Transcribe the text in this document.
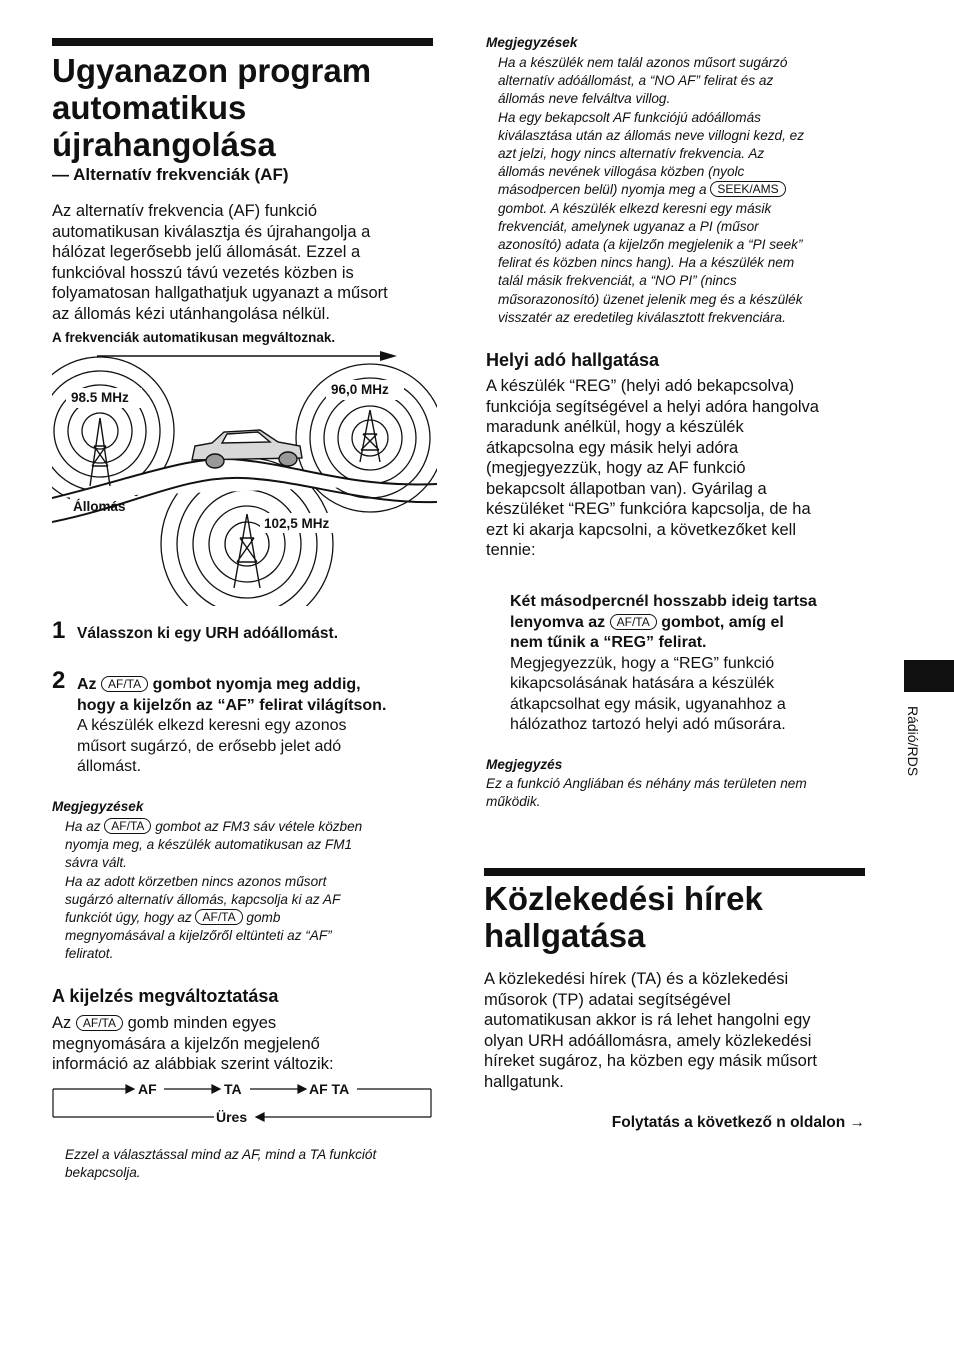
Ugyanazon program

automatikus

újrahangolása

— Alternatív frekvenciák (AF)

Az alternatív frekvencia (AF) funkció

automatikusan kiválasztja és újrahangolja a

hálózat legerősebb jelű állomását. Ezzel a

funkcióval hosszú távú vezetés közben is

folyamatosan hallgathatjuk ugyanazt a műsort

az állomás kézi utánhangolása nélkül.

A frekvenciák automatikusan megváltoznak.
98.5 MHz
96,0 MHz
102,5 MHz
Állomás
1 Válasszon ki egy URH adóállomást.
2 Az AF/TA gombot nyomja meg addig,

hogy a kijelzőn az “AF” felirat világítson.

A készülék elkezd keresni egy azonos

műsort sugárzó, de erősebb jelet adó

állomást.

Megjegyzések

Ha az AF/TA gombot az FM3 sáv vétele közben

nyomja meg, a készülék automatikusan az FM1

sávra vált.

Ha az adott körzetben nincs azonos műsort

sugárzó alternatív állomás, kapcsolja ki az AF

funkciót úgy, hogy az AF/TA gomb

megnyomásával a kijelzőről eltünteti az “AF”

feliratot.

A kijelzés megváltoztatása

Az AF/TA gomb minden egyes

megnyomására a kijelzőn megjelenő

információ az alábbiak szerint változik:

AF	TA	AF TA
Üres

Ezzel a választással mind az AF, mind a TA funkciót

bekapcsolja.

Megjegyzések

Ha a készülék nem talál azonos műsort sugárzó

alternatív adóállomást, a “NO AF” felirat és az

állomás neve felváltva villog.

Ha egy bekapcsolt AF funkciójú adóállomás

kiválasztása után az állomás neve villogni kezd, ez

azt jelzi, hogy nincs alternatív frekvencia. Az

állomás nevének villogása közben (nyolc

másodpercen belül) nyomja meg a SEEK/AMS

gombot. A készülék elkezd keresni egy másik

frekvenciát, amelynek ugyanaz a PI (műsor

azonosító) adata (a kijelzőn megjelenik a “PI seek”

felirat és közben nincs hang). Ha a készülék nem

talál másik frekvenciát, a “NO PI” (nincs

műsorazonosító) üzenet jelenik meg és a készülék

visszatér az eredetileg kiválasztott frekvenciára.

Helyi adó hallgatása

A készülék “REG” (helyi adó bekapcsolva)

funkciója segítségével a helyi adóra hangolva

maradunk anélkül, hogy a készülék

átkapcsolna egy másik helyi adóra

(megjegyezzük, hogy az AF funkció

bekapcsolt állapotban van). Gyárilag a

készüléket “REG” funkcióra kapcsolja, de ha

ezt ki akarja kapcsolni, a következőket kell

tennie:

Két másodpercnél hosszabb ideig tartsa

lenyomva az AF/TA gombot, amíg el

nem tűnik a “REG” felirat.

Megjegyezzük, hogy a “REG” funkció

kikapcsolásának hatására a készülék

átkapcsolhat egy másik, ugyanahhoz a

hálózathoz tartozó helyi adó műsorára.

Megjegyzés

Ez a funkció Angliában és néhány más területen nem

működik.

Közlekedési hírek

hallgatása

A közlekedési hírek (TA) és a közlekedési

műsorok (TP) adatai segítségével

automatikusan akkor is rá lehet hangolni egy

olyan URH adóállomásra, amely közlekedési

híreket sugároz, ha közben egy másik műsort

hallgatunk.

Folytatás a következő n oldalon →
Rádió/RDS
